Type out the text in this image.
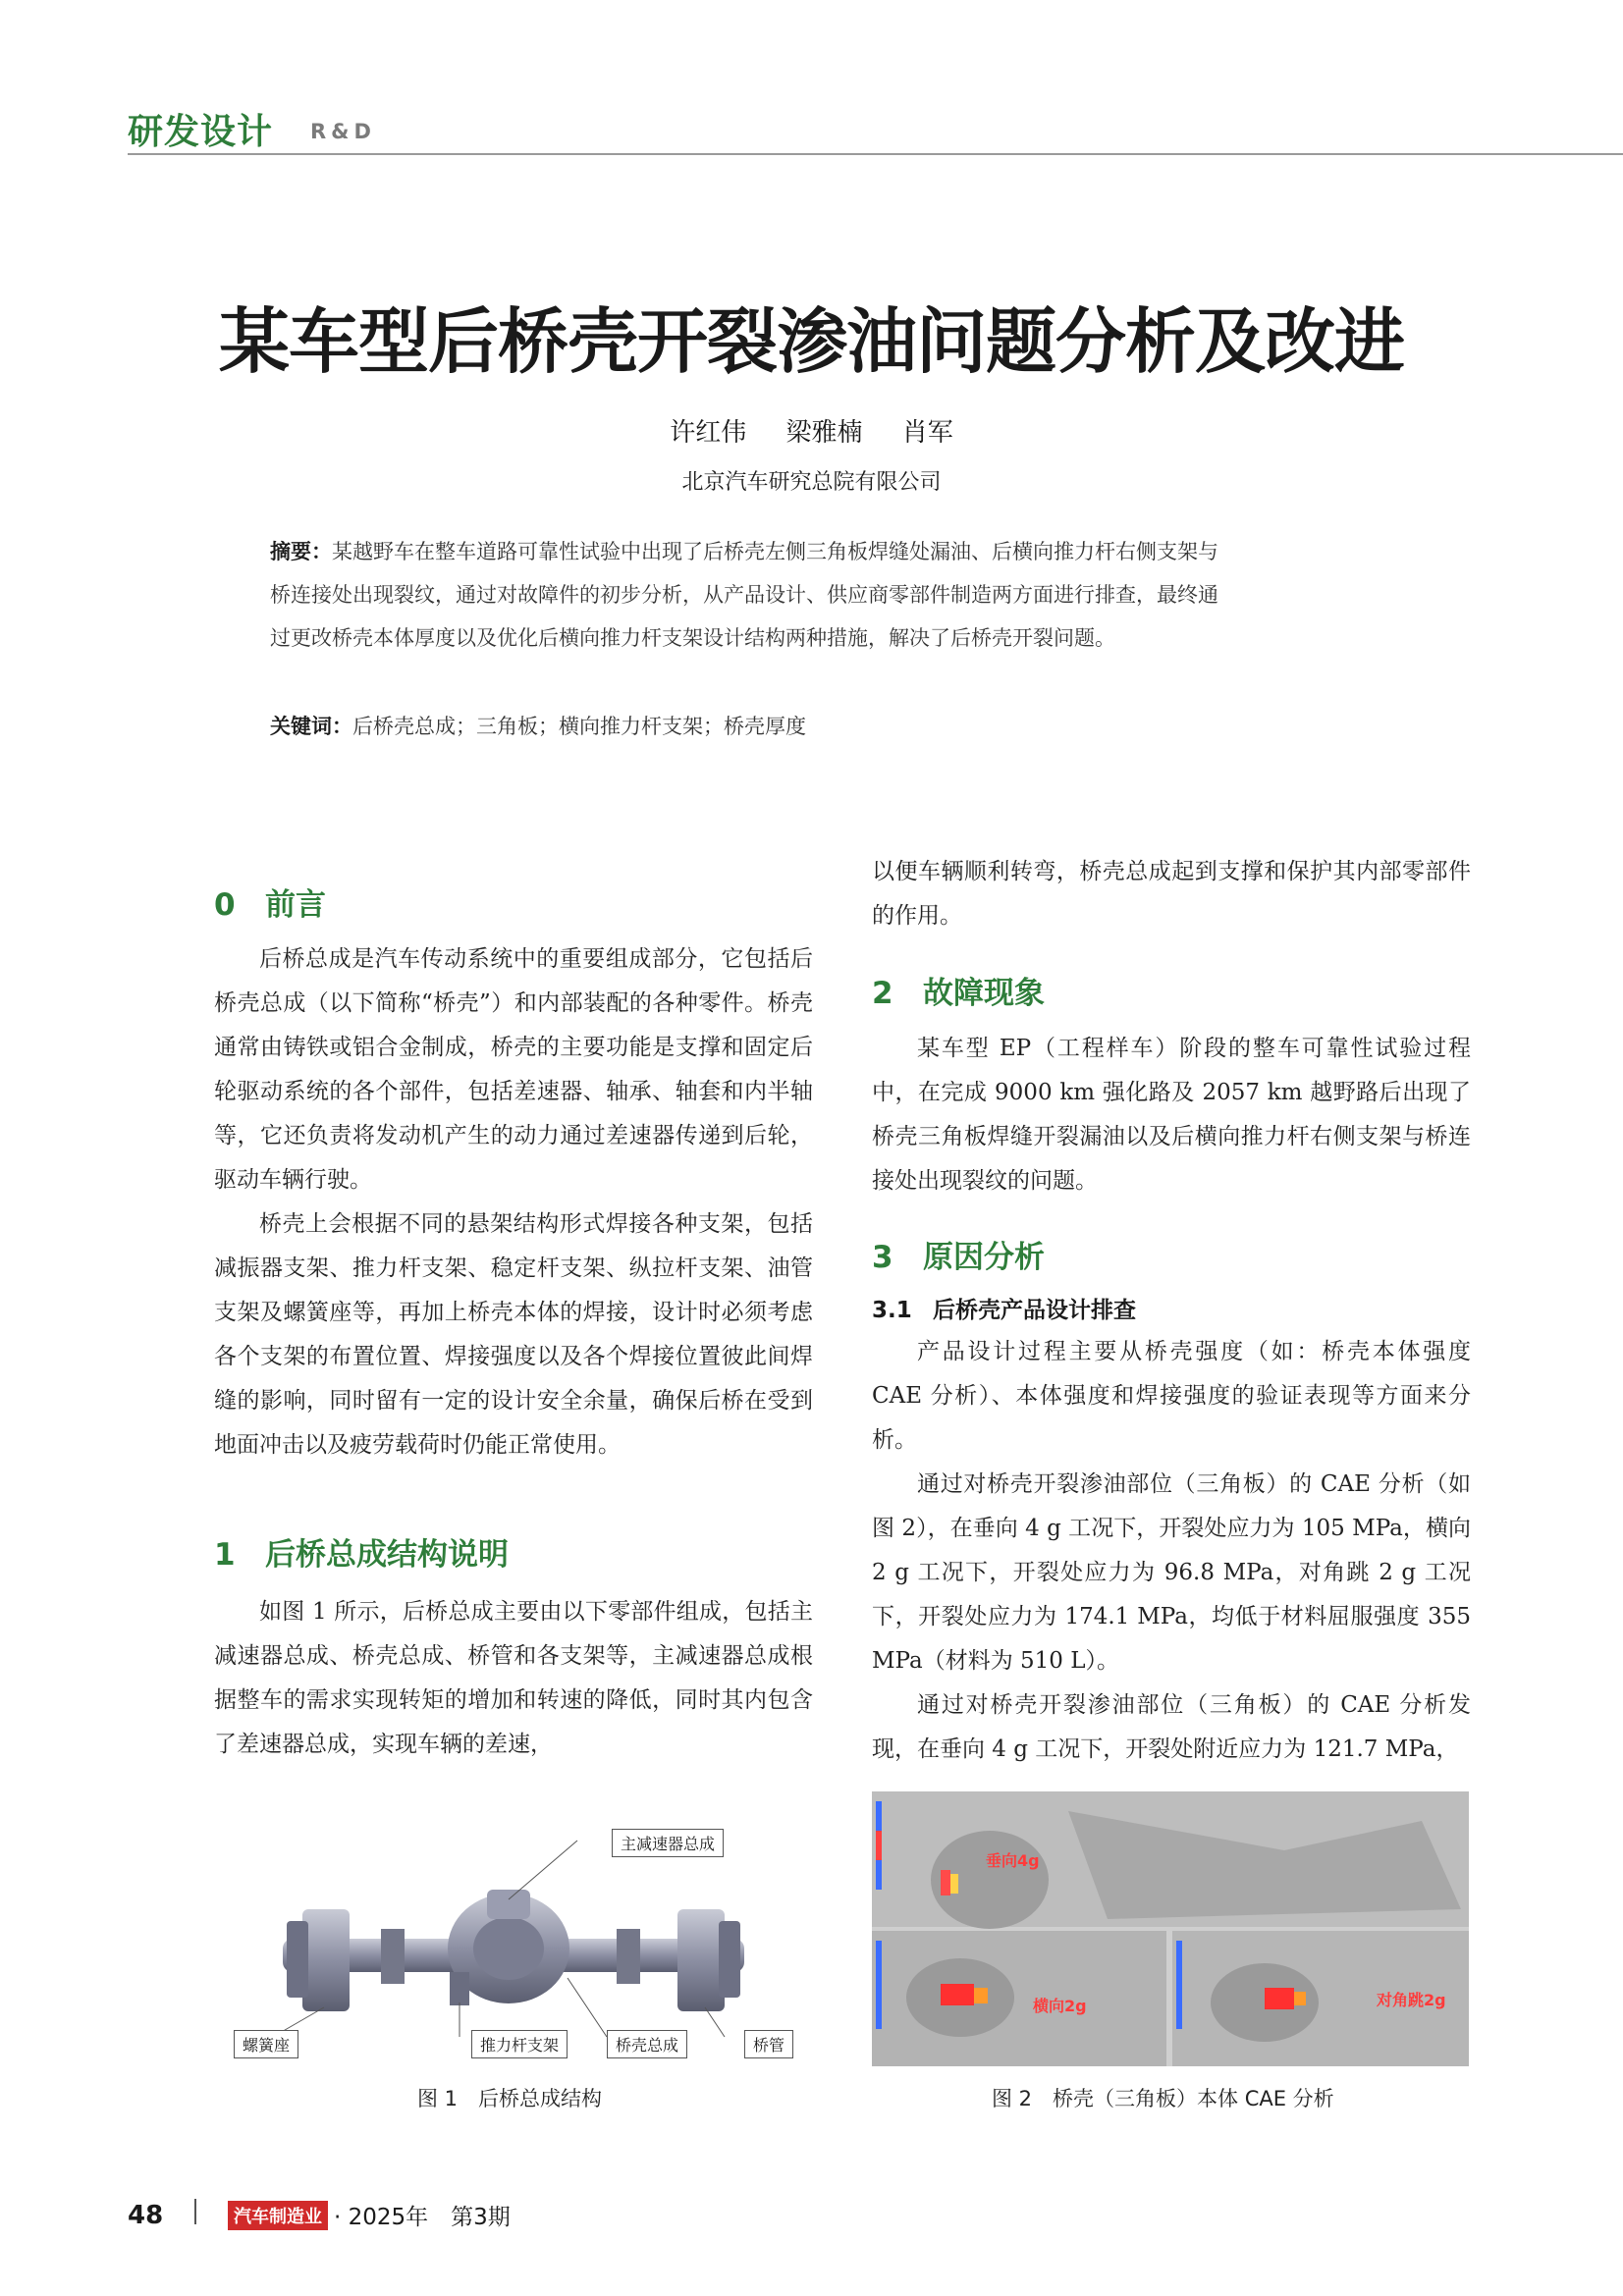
研发设计 R&D
某车型后桥壳开裂渗油问题分析及改进
许红伟 梁雅楠 肖军
北京汽车研究总院有限公司
摘要：某越野车在整车道路可靠性试验中出现了后桥壳左侧三角板焊缝处漏油、后横向推力杆右侧支架与
桥连接处出现裂纹，通过对故障件的初步分析，从产品设计、供应商零部件制造两方面进行排查，最终通
过更改桥壳本体厚度以及优化后横向推力杆支架设计结构两种措施，解决了后桥壳开裂问题。
关键词：后桥壳总成；三角板；横向推力杆支架；桥壳厚度
0 前言

后桥总成是汽车传动系统中的重要组成部分，它包括后桥壳总成（以下简称“桥壳”）和内部装配的各种零件。桥壳通常由铸铁或铝合金制成，桥壳的主要功能是支撑和固定后轮驱动系统的各个部件，包括差速器、轴承、轴套和内半轴等，它还负责将发动机产生的动力通过差速器传递到后轮，驱动车辆行驶。

桥壳上会根据不同的悬架结构形式焊接各种支架，包括减振器支架、推力杆支架、稳定杆支架、纵拉杆支架、油管支架及螺簧座等，再加上桥壳本体的焊接，设计时必须考虑各个支架的布置位置、焊接强度以及各个焊接位置彼此间焊缝的影响，同时留有一定的设计安全余量，确保后桥在受到地面冲击以及疲劳载荷时仍能正常使用。

1 后桥总成结构说明

如图 1 所示，后桥总成主要由以下零部件组成，包括主减速器总成、桥壳总成、桥管和各支架等，主减速器总成根据整车的需求实现转矩的增加和转速的降低，同时其内包含了差速器总成，实现车辆的差速，

主减速器总成
螺簧座	推力杆支架	桥壳总成	桥管
图 1　后桥总成结构

以便车辆顺利转弯，桥壳总成起到支撑和保护其内部零部件的作用。

2 故障现象

某车型 EP（工程样车）阶段的整车可靠性试验过程中，在完成 9000 km 强化路及 2057 km 越野路后出现了桥壳三角板焊缝开裂漏油以及后横向推力杆右侧支架与桥连接处出现裂纹的问题。

3 原因分析
3.1 后桥壳产品设计排查

产品设计过程主要从桥壳强度（如：桥壳本体强度 CAE 分析）、本体强度和焊接强度的验证表现等方面来分析。

通过对桥壳开裂渗油部位（三角板）的 CAE 分析（如图 2），在垂向 4 g 工况下，开裂处应力为 105 MPa，横向 2 g 工况下，开裂处应力为 96.8 MPa，对角跳 2 g 工况下，开裂处应力为 174.1 MPa，均低于材料屈服强度 355 MPa（材料为 510 L）。

通过对桥壳开裂渗油部位（三角板）的 CAE 分析发现，在垂向 4 g 工况下，开裂处附近应力为 121.7 MPa，

垂向4g
横向2g	对角跳2g
图 2　桥壳（三角板）本体 CAE 分析
48	汽车制造业 · 2025年　第3期
